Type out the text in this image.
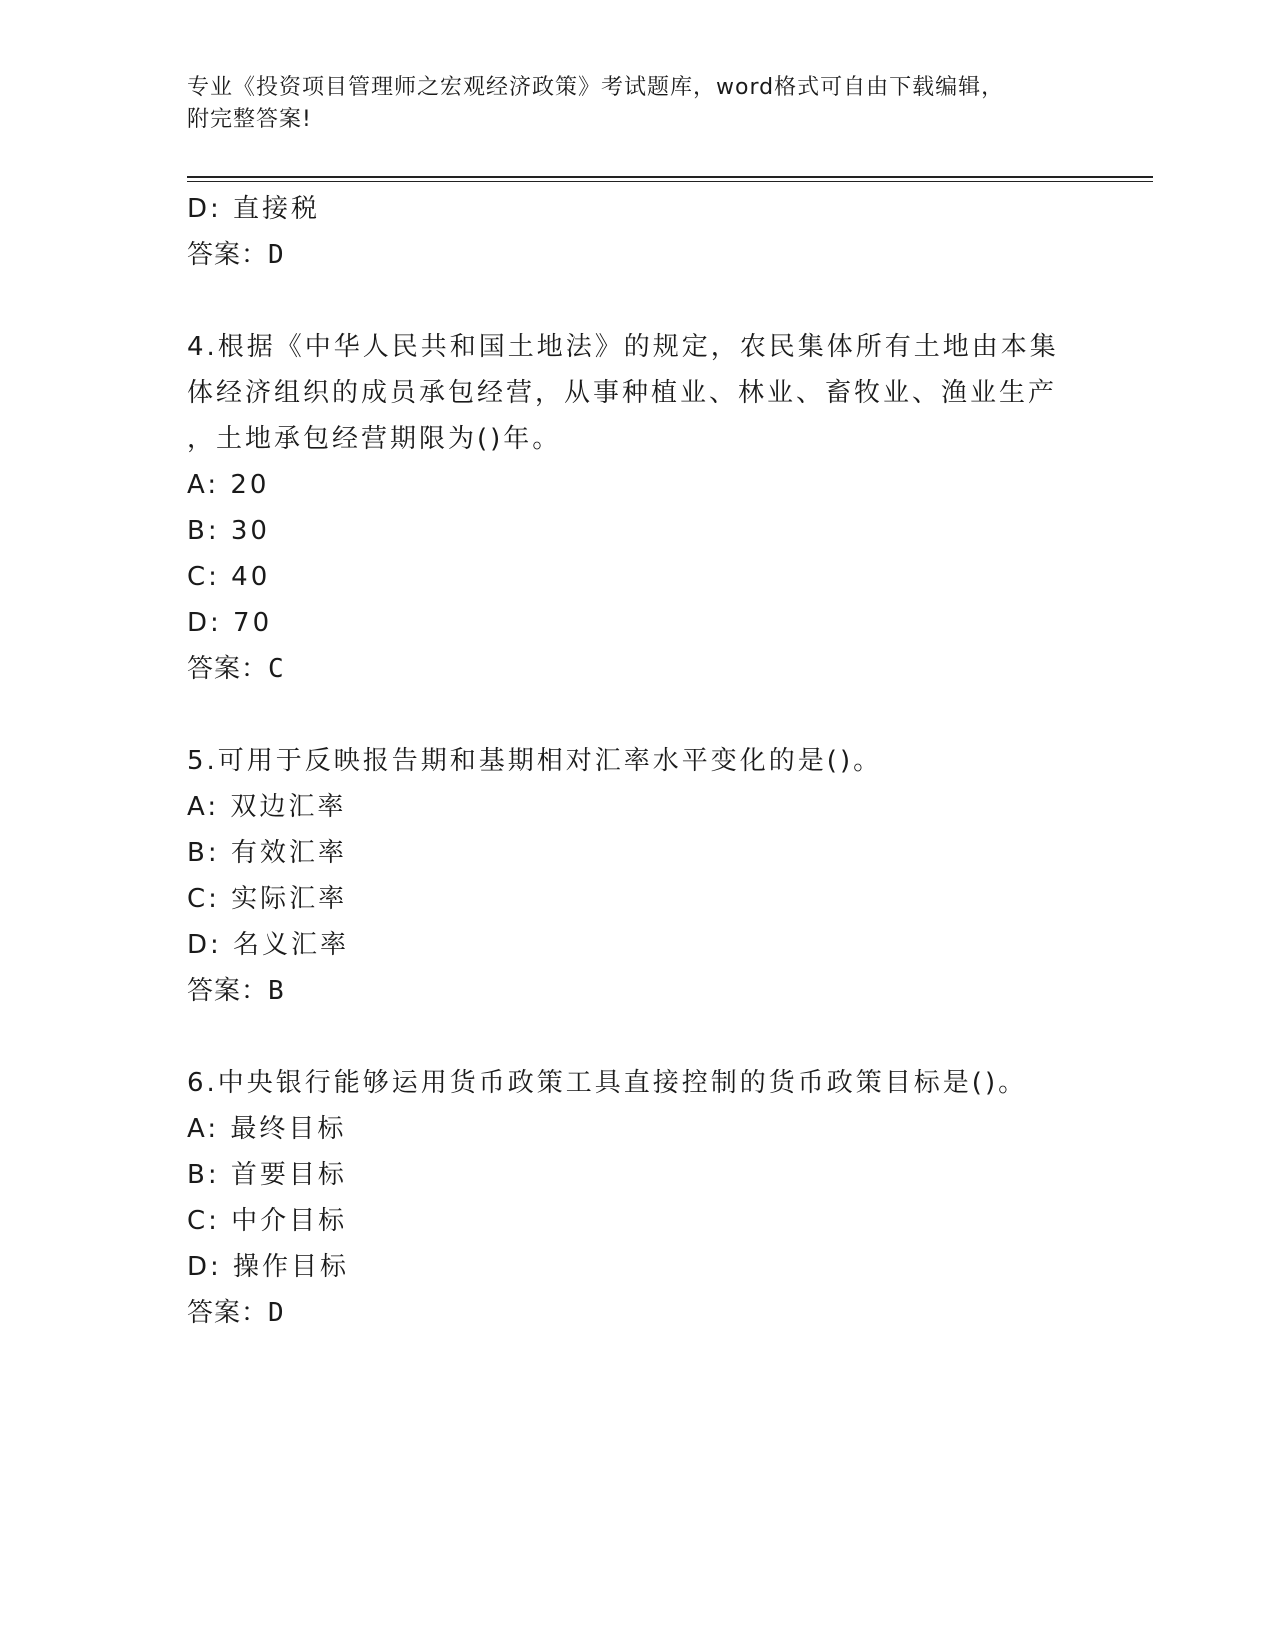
专业《投资项目管理师之宏观经济政策》考试题库，word格式可自由下载编辑，
附完整答案!
D: 直接税
答案：D
4.根据《中华人民共和国土地法》的规定，农民集体所有土地由本集
体经济组织的成员承包经营，从事种植业、林业、畜牧业、渔业生产
，土地承包经营期限为()年。
A: 20
B: 30
C: 40
D: 70
答案：C
5.可用于反映报告期和基期相对汇率水平变化的是()。
A: 双边汇率
B: 有效汇率
C: 实际汇率
D: 名义汇率
答案：B
6.中央银行能够运用货币政策工具直接控制的货币政策目标是()。
A: 最终目标
B: 首要目标
C: 中介目标
D: 操作目标
答案：D
